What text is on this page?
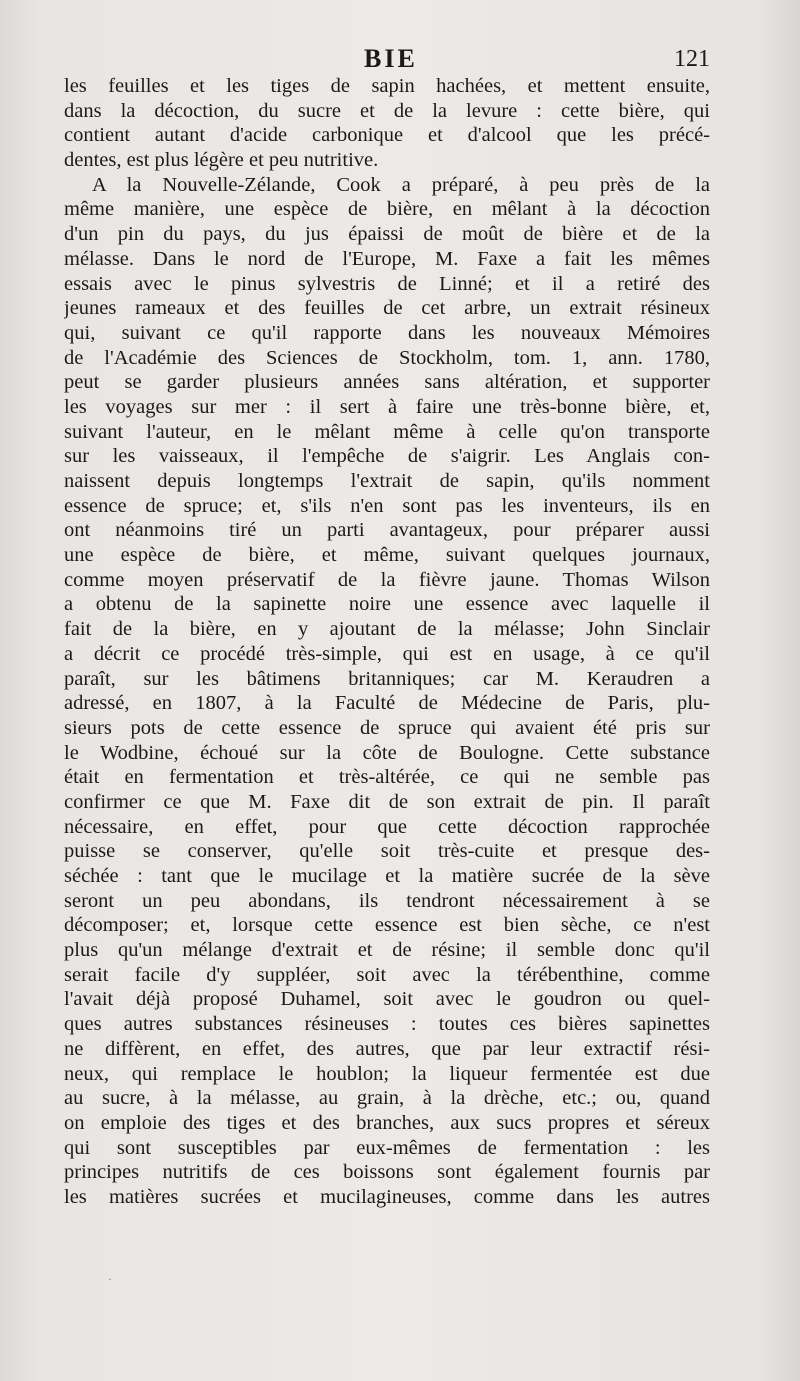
BIE	121
les feuilles et les tiges de sapin hachées, et mettent ensuite,
dans la décoction, du sucre et de la levure : cette bière, qui
contient autant d'acide carbonique et d'alcool que les précé-
dentes, est plus légère et peu nutritive.
A la Nouvelle-Zélande, Cook a préparé, à peu près de la
même manière, une espèce de bière, en mêlant à la décoction
d'un pin du pays, du jus épaissi de moût de bière et de la
mélasse. Dans le nord de l'Europe, M. Faxe a fait les mêmes
essais avec le pinus sylvestris de Linné; et il a retiré des
jeunes rameaux et des feuilles de cet arbre, un extrait résineux
qui, suivant ce qu'il rapporte dans les nouveaux Mémoires
de l'Académie des Sciences de Stockholm, tom. 1, ann. 1780,
peut se garder plusieurs années sans altération, et supporter
les voyages sur mer : il sert à faire une très-bonne bière, et,
suivant l'auteur, en le mêlant même à celle qu'on transporte
sur les vaisseaux, il l'empêche de s'aigrir. Les Anglais con-
naissent depuis longtemps l'extrait de sapin, qu'ils nomment
essence de spruce; et, s'ils n'en sont pas les inventeurs, ils en
ont néanmoins tiré un parti avantageux, pour préparer aussi
une espèce de bière, et même, suivant quelques journaux,
comme moyen préservatif de la fièvre jaune. Thomas Wilson
a obtenu de la sapinette noire une essence avec laquelle il
fait de la bière, en y ajoutant de la mélasse; John Sinclair
a décrit ce procédé très-simple, qui est en usage, à ce qu'il
paraît, sur les bâtimens britanniques; car M. Keraudren a
adressé, en 1807, à la Faculté de Médecine de Paris, plu-
sieurs pots de cette essence de spruce qui avaient été pris sur
le Wodbine, échoué sur la côte de Boulogne. Cette substance
était en fermentation et très-altérée, ce qui ne semble pas
confirmer ce que M. Faxe dit de son extrait de pin. Il paraît
nécessaire, en effet, pour que cette décoction rapprochée
puisse se conserver, qu'elle soit très-cuite et presque des-
séchée : tant que le mucilage et la matière sucrée de la sève
seront un peu abondans, ils tendront nécessairement à se
décomposer; et, lorsque cette essence est bien sèche, ce n'est
plus qu'un mélange d'extrait et de résine; il semble donc qu'il
serait facile d'y suppléer, soit avec la térébenthine, comme
l'avait déjà proposé Duhamel, soit avec le goudron ou quel-
ques autres substances résineuses : toutes ces bières sapinettes
ne diffèrent, en effet, des autres, que par leur extractif rési-
neux, qui remplace le houblon; la liqueur fermentée est due
au sucre, à la mélasse, au grain, à la drèche, etc.; ou, quand
on emploie des tiges et des branches, aux sucs propres et séreux
qui sont susceptibles par eux-mêmes de fermentation : les
principes nutritifs de ces boissons sont également fournis par
les matières sucrées et mucilagineuses, comme dans les autres
·
